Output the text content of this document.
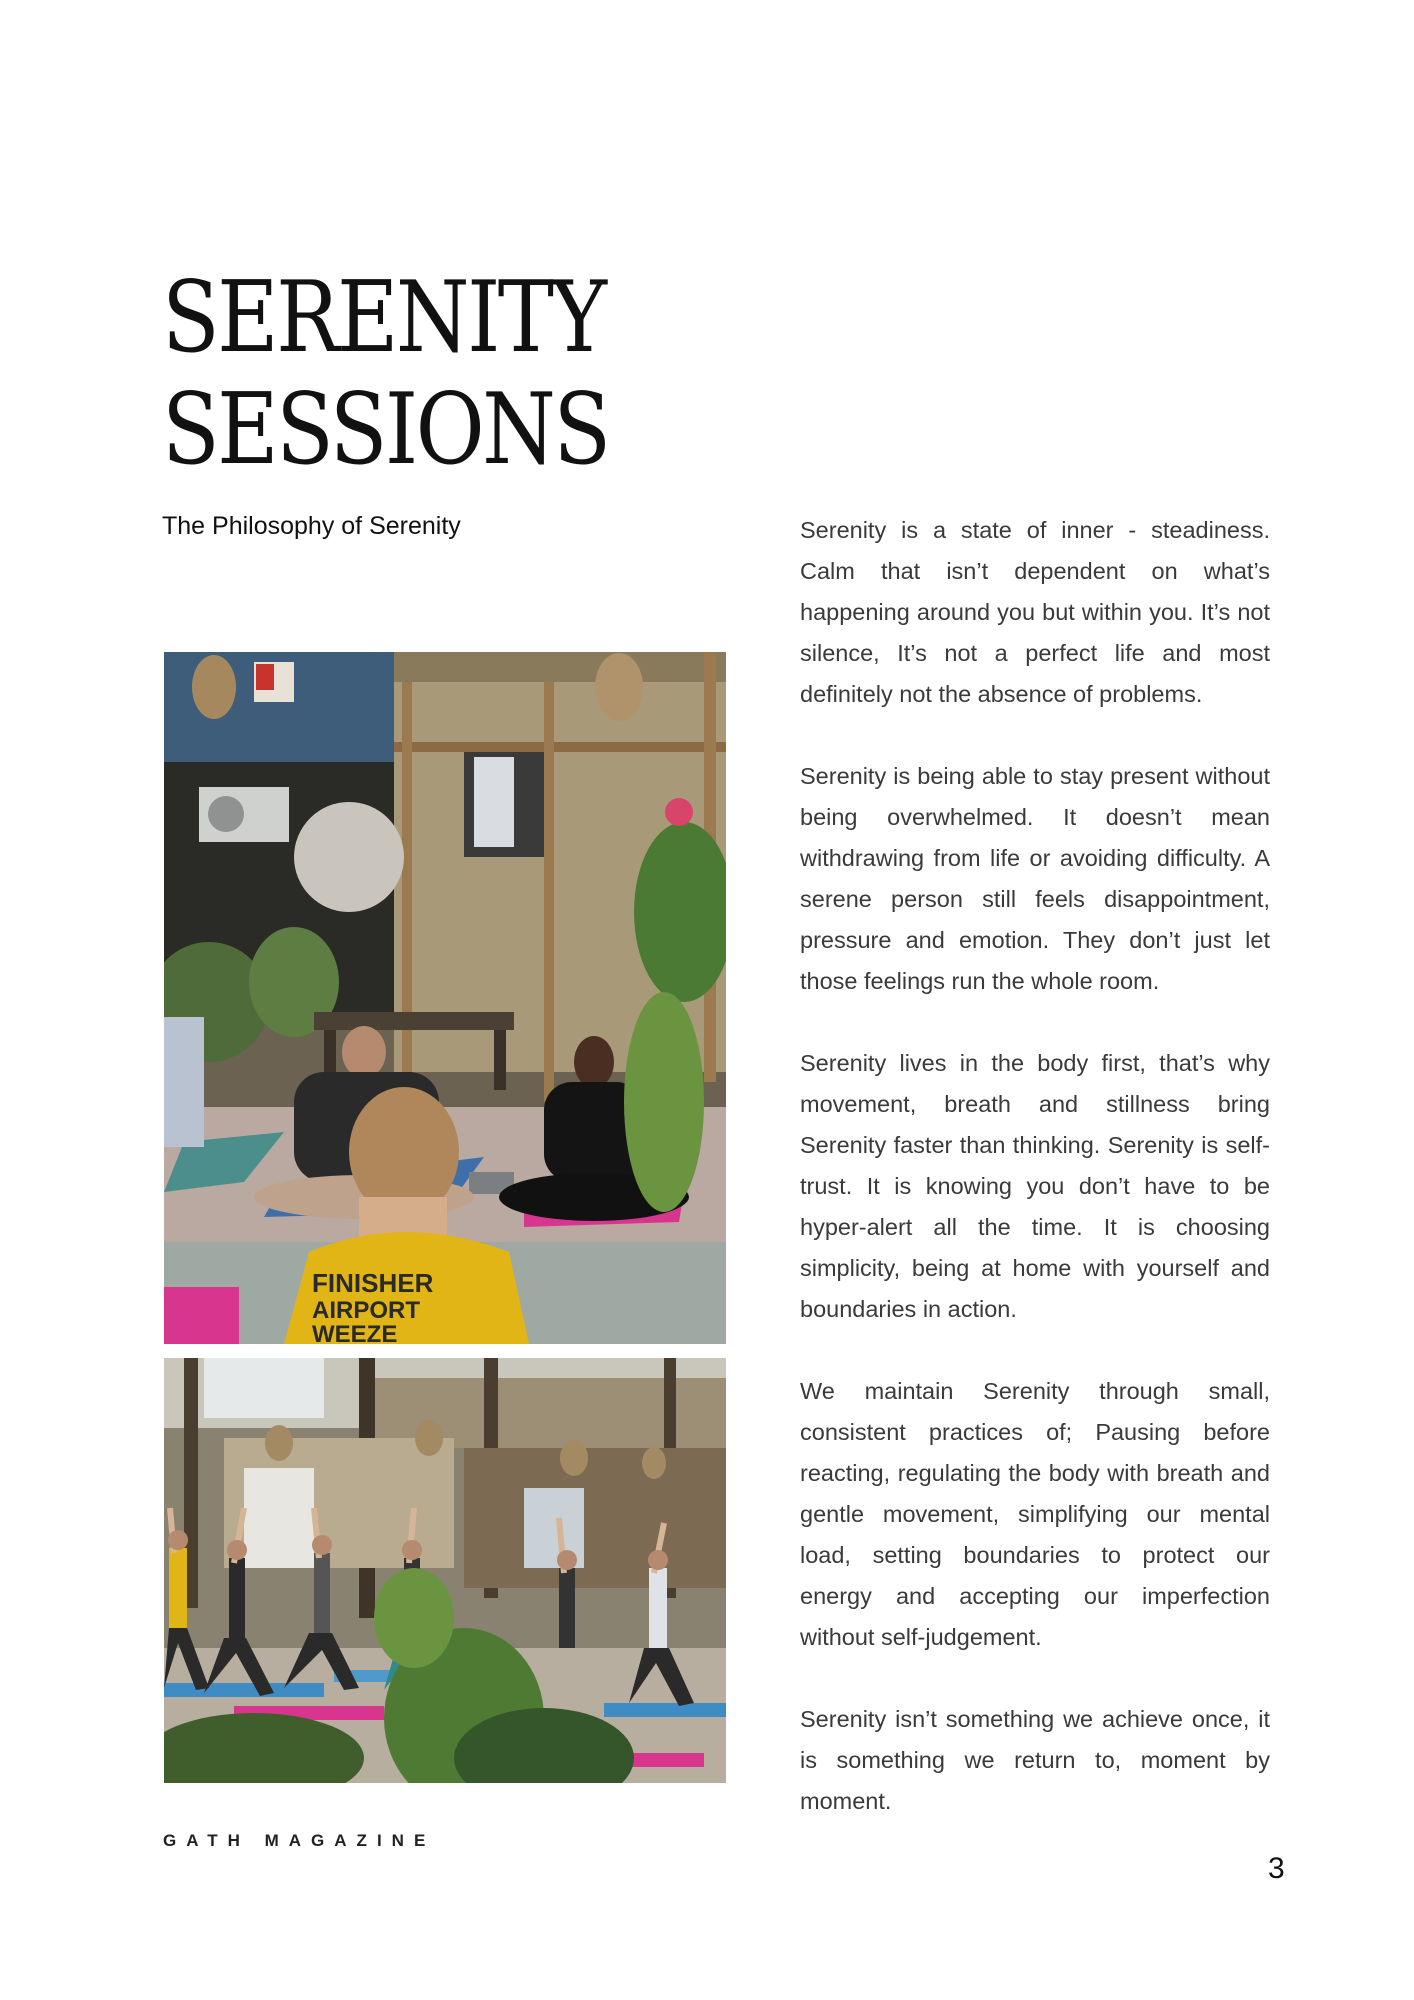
SERENITY
SESSIONS
The Philosophy of Serenity
FINISHER
AIRPORT
WEEZE

Serenity is a state of inner - steadiness. Calm that isn’t dependent on what’s happening around you but within you. It’s not silence, It’s not a perfect life and most definitely not the absence of problems.

Serenity is being able to stay present without being overwhelmed. It doesn’t mean withdrawing from life or avoiding difficulty. A serene person still feels disappointment, pressure and emotion. They don’t just let those feelings run the whole room.

Serenity lives in the body first, that’s why movement, breath and stillness bring Serenity faster than thinking. Serenity is self-trust. It is knowing you don’t have to be hyper-alert all the time. It is choosing simplicity, being at home with yourself and boundaries in action.

We maintain Serenity through small, consistent practices of; Pausing before reacting, regulating the body with breath and gentle movement, simplifying our mental load, setting boundaries to protect our energy and accepting our imperfection without self-judgement.

Serenity isn’t something we achieve once, it is something we return to, moment by moment.

GATH MAGAZINE
3
